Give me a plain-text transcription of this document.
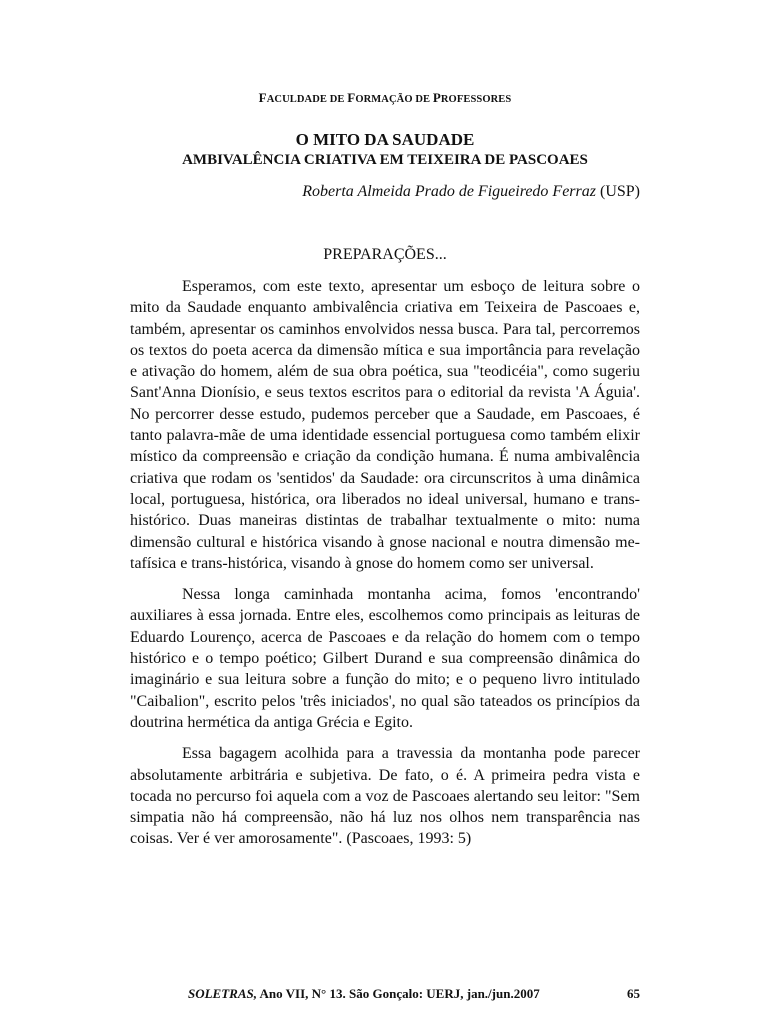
FACULDADE DE FORMAÇÃO DE PROFESSORES
O MITO DA SAUDADE
AMBIVALÊNCIA CRIATIVA EM TEIXEIRA DE PASCOAES
Roberta Almeida Prado de Figueiredo Ferraz (USP)
PREPARAÇÕES...

Esperamos, com este texto, apresentar um esboço de leitura sobre o mito da Saudade enquanto ambivalência criativa em Teixeira de Pascoaes e, também, apresentar os caminhos envolvidos nessa busca. Para tal, percorremos os textos do poeta acerca da dimensão mítica e sua importância para revelação e ativação do homem, além de sua obra poética, sua "teodicéia", como sugeriu Sant'Anna Dionísio, e seus textos escritos para o editorial da revista 'A Águia'. No percorrer desse estudo, pudemos perceber que a Saudade, em Pascoaes, é tanto palavra-mãe de uma identidade essencial portuguesa como também elixir místico da compreensão e criação da condição humana. É numa ambivalência criativa que rodam os 'sentidos' da Saudade: ora circunscritos à uma dinâmica local, portuguesa, histórica, ora liberados no ideal universal, humano e trans-histórico. Duas maneiras distintas de trabalhar textualmente o mito: numa dimensão cultural e histórica visando à gnose nacional e noutra dimensão metafísica e trans-histórica, visando à gnose do homem como ser universal.

Nessa longa caminhada montanha acima, fomos 'encontrando' auxiliares à essa jornada. Entre eles, escolhemos como principais as leituras de Eduardo Lourenço, acerca de Pascoaes e da relação do homem com o tempo histórico e o tempo poético; Gilbert Durand e sua compreensão dinâmica do imaginário e sua leitura sobre a função do mito; e o pequeno livro intitulado "Caibalion", escrito pelos 'três iniciados', no qual são tateados os princípios da doutrina hermética da antiga Grécia e Egito.

Essa bagagem acolhida para a travessia da montanha pode parecer absolutamente arbitrária e subjetiva. De fato, o é. A primeira pedra vista e tocada no percurso foi aquela com a voz de Pascoaes alertando seu leitor: "Sem simpatia não há compreensão, não há luz nos olhos nem transparência nas coisas. Ver é ver amorosamente". (Pascoaes, 1993: 5)

SOLETRAS, Ano VII, N° 13. São Gonçalo: UERJ, jan./jun.2007	65
